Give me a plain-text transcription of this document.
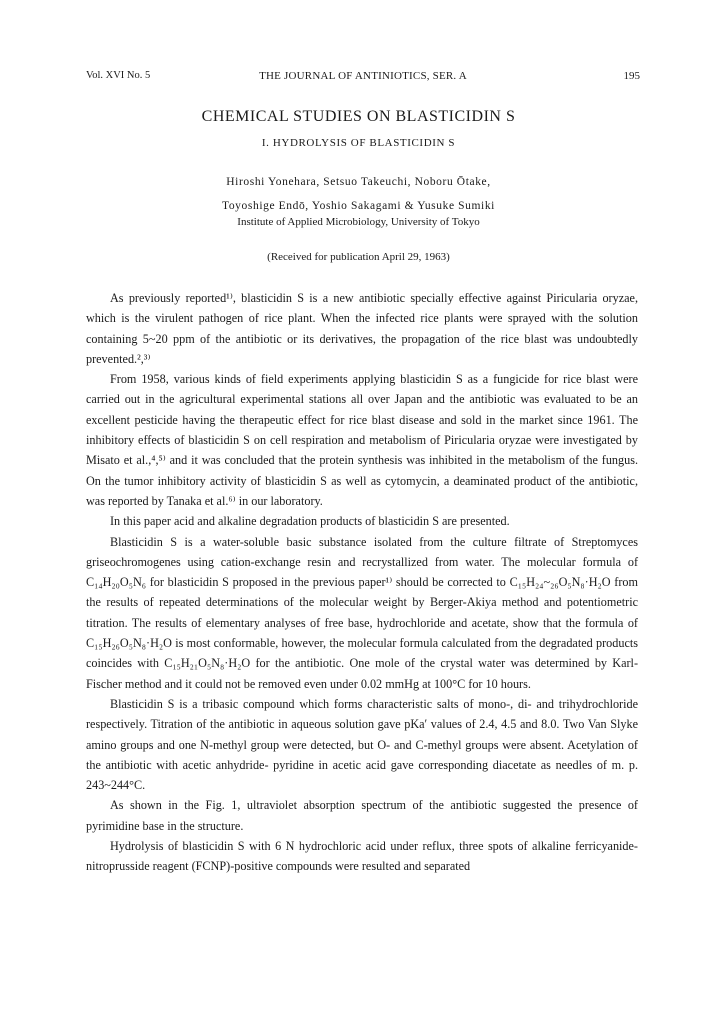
Vol. XVI No. 5	THE JOURNAL OF ANTINIOTICS, SER. A	195
CHEMICAL STUDIES ON BLASTICIDIN S
I. HYDROLYSIS OF BLASTICIDIN S
Hiroshi Yonehara, Setsuo Takeuchi, Noboru Ōtake,
Toyoshige Endō, Yoshio Sakagami & Yusuke Sumiki
Institute of Applied Microbiology, University of Tokyo
(Received for publication April 29, 1963)

As previously reported¹⁾, blasticidin S is a new antibiotic specially effective against Piricularia oryzae, which is the virulent pathogen of rice plant. When the infected rice plants were sprayed with the solution containing 5~20 ppm of the antibiotic or its derivatives, the propagation of the rice blast was undoubtedly prevented.²,³⁾

From 1958, various kinds of field experiments applying blasticidin S as a fungicide for rice blast were carried out in the agricultural experimental stations all over Japan and the antibiotic was evaluated to be an excellent pesticide having the therapeutic effect for rice blast disease and sold in the market since 1961. The inhibitory effects of blasticidin S on cell respiration and metabolism of Piricularia oryzae were investigated by Misato et al.,⁴,⁵⁾ and it was concluded that the protein synthesis was inhibited in the metabolism of the fungus. On the tumor inhibitory activity of blasticidin S as well as cytomycin, a deaminated product of the antibiotic, was reported by Tanaka et al.⁶⁾ in our laboratory.

In this paper acid and alkaline degradation products of blasticidin S are presented.

Blasticidin S is a water-soluble basic substance isolated from the culture filtrate of Streptomyces griseochromogenes using cation-exchange resin and recrystallized from water. The molecular formula of C₁₄H₂₀O₅N₆ for blasticidin S proposed in the previous paper¹⁾ should be corrected to C₁₅H₂₄~₂₆O₅N₈·H₂O from the results of repeated determinations of the molecular weight by Berger-Akiya method and potentiometric titration. The results of elementary analyses of free base, hydrochloride and acetate, show that the formula of C₁₅H₂₆O₅N₈·H₂O is most conformable, however, the molecular formula calculated from the degradated products coincides with C₁₅H₂₁O₅N₈·H₂O for the antibiotic. One mole of the crystal water was determined by Karl-Fischer method and it could not be removed even under 0.02 mmHg at 100°C for 10 hours.

Blasticidin S is a tribasic compound which forms characteristic salts of mono-, di- and trihydrochloride respectively. Titration of the antibiotic in aqueous solution gave pKa′ values of 2.4, 4.5 and 8.0. Two Van Slyke amino groups and one N-methyl group were detected, but O- and C-methyl groups were absent. Acetylation of the antibiotic with acetic anhydride- pyridine in acetic acid gave corresponding diacetate as needles of m. p. 243~244°C.

As shown in the Fig. 1, ultraviolet absorption spectrum of the antibiotic suggested the presence of pyrimidine base in the structure.

Hydrolysis of blasticidin S with 6 N hydrochloric acid under reflux, three spots of alkaline ferricyanide-nitroprusside reagent (FCNP)-positive compounds were resulted and separated
